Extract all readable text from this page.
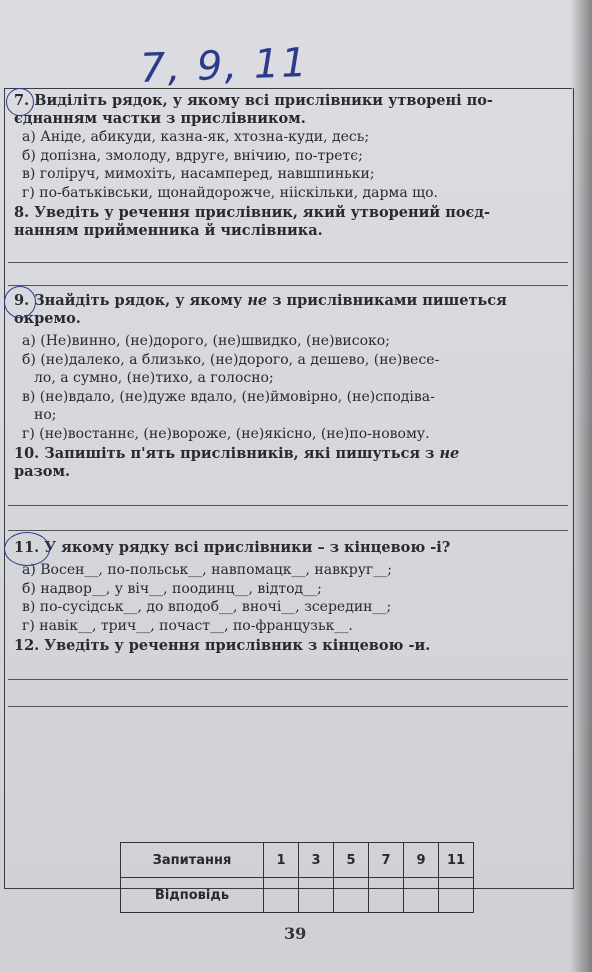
7, 9, 11
7. Виділіть рядок, у якому всі прислівники утворені по-
єднанням частки з прислівником.
а) Аніде, абикуди, казна-як, хтозна-куди, десь;
б) допізна, змолоду, вдруге, внічию, по-третє;
в) голіруч, мимохіть, насамперед, навшпиньки;
г) по-батьківськи, щонайдорожче, нііскільки, дарма що.
8. Уведіть у речення прислівник, який утворений поєд-
нанням прийменника й числівника.
9. Знайдіть рядок, у якому не з прислівниками пишеться
окремо.
а) (Не)винно, (не)дорого, (не)швидко, (не)високо;
б) (не)далеко, а близько, (не)дорого, а дешево, (не)весе-
ло, а сумно, (не)тихо, а голосно;
в) (не)вдало, (не)дуже вдало, (не)ймовірно, (не)сподіва-
но;
г) (не)востаннє, (не)вороже, (не)якісно, (не)по-новому.
10. Запишіть п'ять прислівників, які пишуться з не
разом.
11. У якому рядку всі прислівники – з кінцевою -і?
а) Восен__, по-польськ__, навпомацк__, навкруг__;
б) надвор__, у віч__, поодинц__, відтод__;
в) по-сусідськ__, до вподоб__, вночі__, зсередин__;
г) навік__, трич__, почаст__, по-французьк__.
12. Уведіть у речення прислівник з кінцевою -и.
Запитання	1	3	5	7	9	11
Відповідь						
39
